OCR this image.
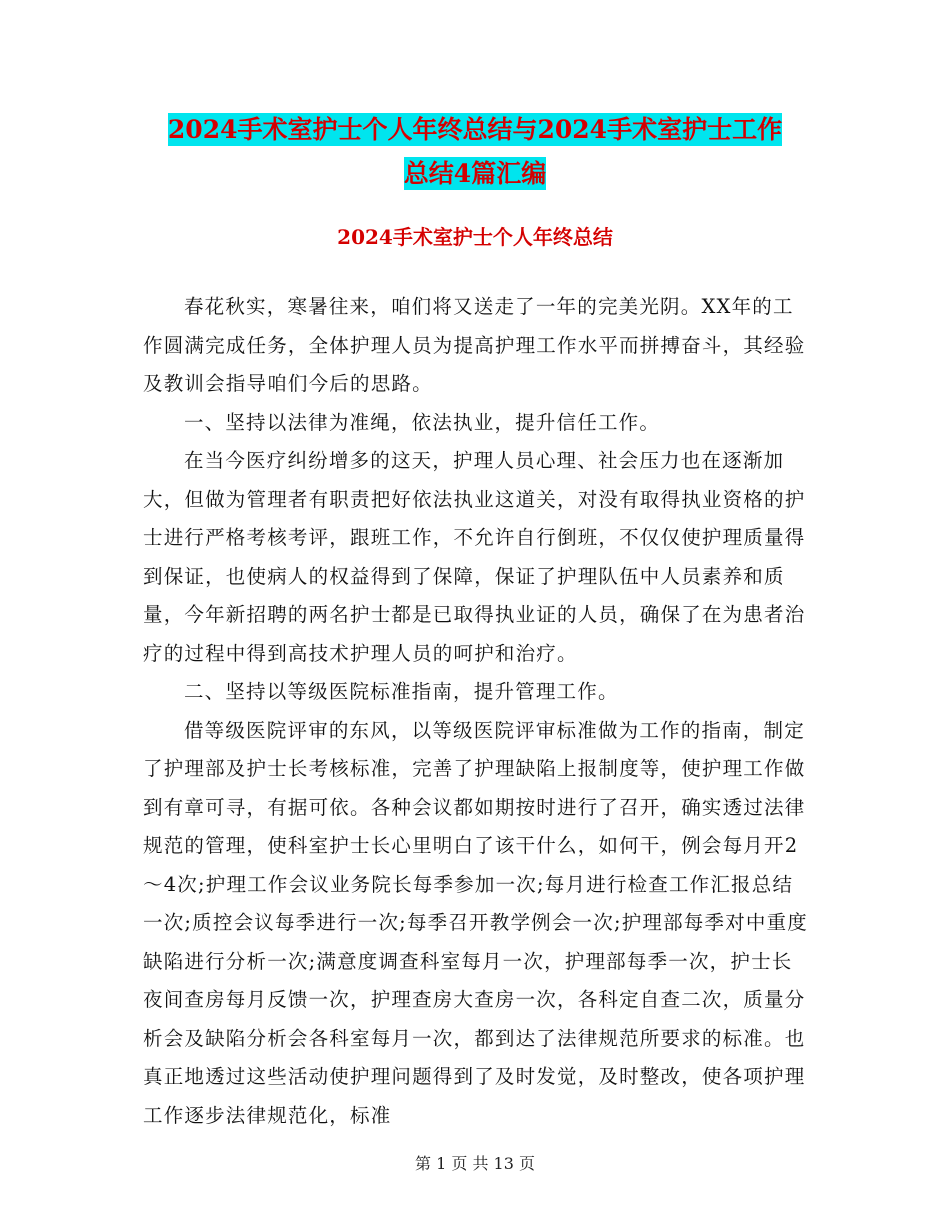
2024手术室护士个人年终总结与2024手术室护士工作
总结4篇汇编
2024手术室护士个人年终总结

春花秋实，寒暑往来，咱们将又送走了一年的完美光阴。XX年的工作圆满完成任务，全体护理人员为提高护理工作水平而拼搏奋斗，其经验及教训会指导咱们今后的思路。

一、坚持以法律为准绳，依法执业，提升信任工作。

在当今医疗纠纷增多的这天，护理人员心理、社会压力也在逐渐加大，但做为管理者有职责把好依法执业这道关，对没有取得执业资格的护士进行严格考核考评，跟班工作，不允许自行倒班，不仅仅使护理质量得到保证，也使病人的权益得到了保障，保证了护理队伍中人员素养和质量，今年新招聘的两名护士都是已取得执业证的人员，确保了在为患者治疗的过程中得到高技术护理人员的呵护和治疗。

二、坚持以等级医院标准指南，提升管理工作。

借等级医院评审的东风，以等级医院评审标准做为工作的指南，制定了护理部及护士长考核标准，完善了护理缺陷上报制度等，使护理工作做到有章可寻，有据可依。各种会议都如期按时进行了召开，确实透过法律规范的管理，使科室护士长心里明白了该干什么，如何干，例会每月开2～4次;护理工作会议业务院长每季参加一次;每月进行检查工作汇报总结一次;质控会议每季进行一次;每季召开教学例会一次;护理部每季对中重度缺陷进行分析一次;满意度调查科室每月一次，护理部每季一次，护士长夜间查房每月反馈一次，护理查房大查房一次，各科定自查二次，质量分析会及缺陷分析会各科室每月一次，都到达了法律规范所要求的标准。也真正地透过这些活动使护理问题得到了及时发觉，及时整改，使各项护理工作逐步法律规范化，标准

第 1 页 共 13 页
